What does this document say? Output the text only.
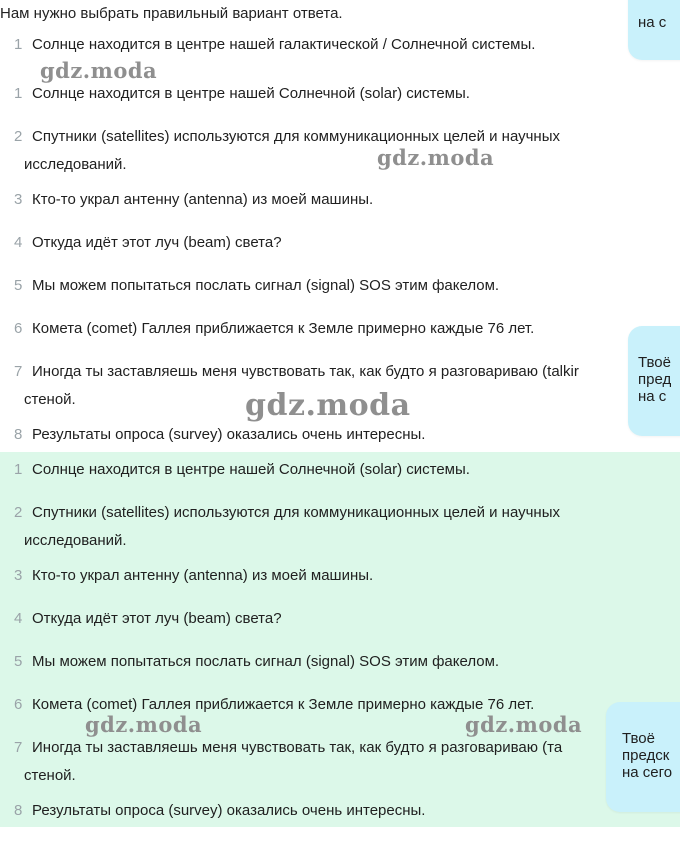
Нам нужно выбрать правильный вариант ответа.
1 Солнце находится в центре нашей галактической / Солнечной системы.
1 Солнце находится в центре нашей Солнечной (solar) системы.
2 Спутники (satellites) используются для коммуникационных целей и научных
исследований.
3 Кто-то украл антенну (antenna) из моей машины.
4 Откуда идёт этот луч (beam) света?
5 Мы можем попытаться послать сигнал (signal) SOS этим факелом.
6 Комета (comet) Галлея приближается к Земле примерно каждые 76 лет.
7 Иногда ты заставляешь меня чувствовать так, как будто я разговариваю (talkir
стеной.
8 Результаты опроса (survey) оказались очень интересны.
1 Солнце находится в центре нашей Солнечной (solar) системы.
2 Спутники (satellites) используются для коммуникационных целей и научных
исследований.
3 Кто-то украл антенну (antenna) из моей машины.
4 Откуда идёт этот луч (beam) света?
5 Мы можем попытаться послать сигнал (signal) SOS этим факелом.
6 Комета (comet) Галлея приближается к Земле примерно каждые 76 лет.
7 Иногда ты заставляешь меня чувствовать так, как будто я разговариваю (та
стеной.
8 Результаты опроса (survey) оказались очень интересны.
gdz.moda
gdz.moda
gdz.moda
gdz.moda	gdz.moda
на с
Твоё
пред
на с
Твоё
предск
на сего
